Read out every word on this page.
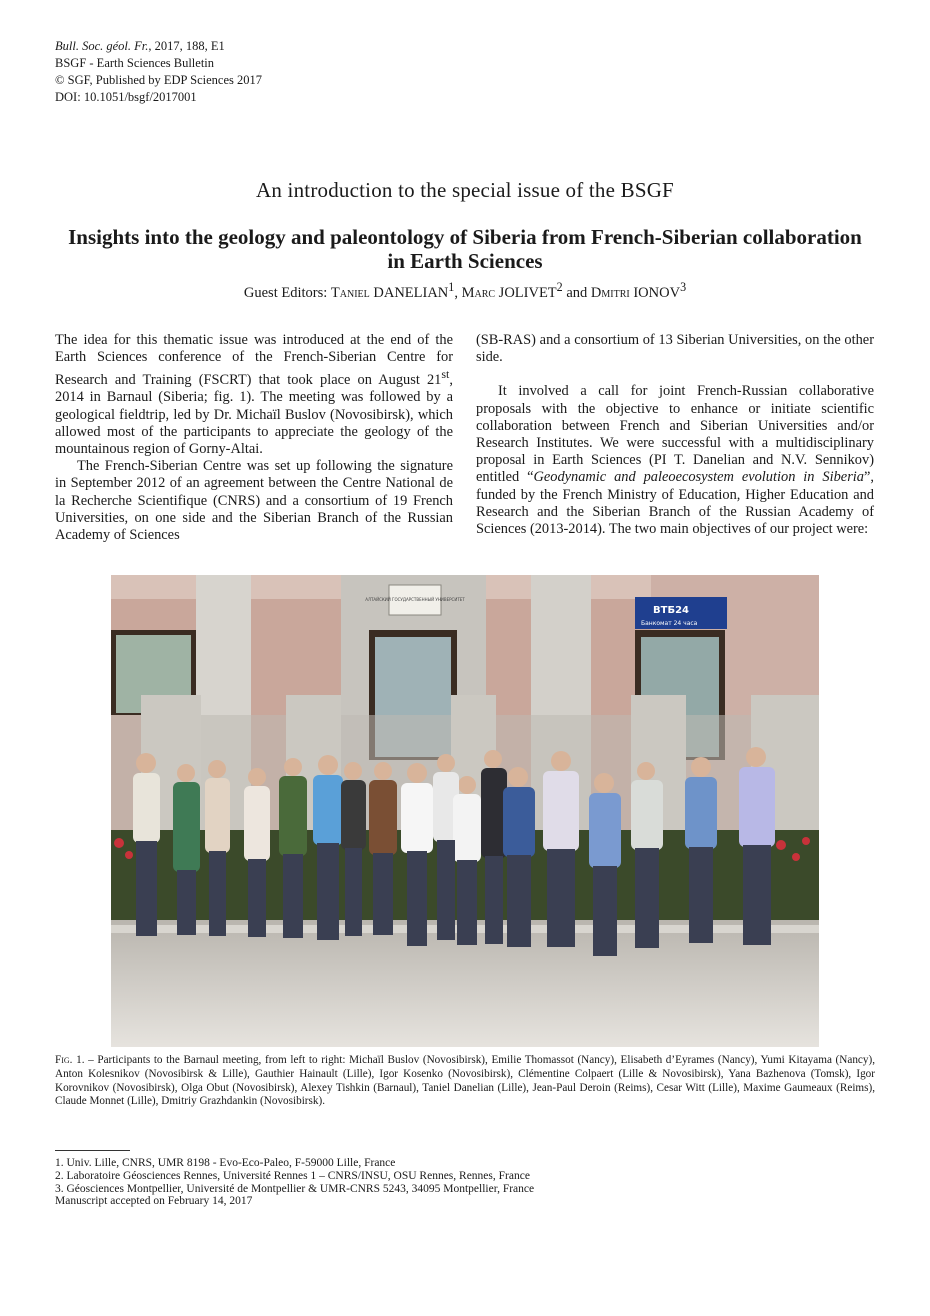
Bull. Soc. géol. Fr., 2017, 188, E1
BSGF - Earth Sciences Bulletin
© SGF, Published by EDP Sciences 2017
DOI: 10.1051/bsgf/2017001
An introduction to the special issue of the BSGF
Insights into the geology and paleontology of Siberia from French-Siberian collaboration in Earth Sciences
Guest Editors: Taniel DANELIAN$^1$, Marc JOLIVET$^2$ and Dmitri IONOV$^3$

The idea for this thematic issue was introduced at the end of the Earth Sciences conference of the French-Siberian Centre for Research and Training (FSCRT) that took place on August 21st, 2014 in Barnaul (Siberia; fig. 1). The meeting was followed by a geological fieldtrip, led by Dr. Michaïl Buslov (Novosibirsk), which allowed most of the participants to appreciate the geology of the mountainous region of Gorny-Altai.

The French-Siberian Centre was set up following the signature in September 2012 of an agreement between the Centre National de la Recherche Scientifique (CNRS) and a consortium of 19 French Universities, on one side and the Siberian Branch of the Russian Academy of Sciences

(SB-RAS) and a consortium of 13 Siberian Universities, on the other side.

It involved a call for joint French-Russian collaborative proposals with the objective to enhance or initiate scientific collaboration between French and Siberian Universities and/or Research Institutes. We were successful with a multidisciplinary proposal in Earth Sciences (PI T. Danelian and N.V. Sennikov) entitled “Geodynamic and paleoecosystem evolution in Siberia”, funded by the French Ministry of Education, Higher Education and Research and the Siberian Branch of the Russian Academy of Sciences (2013-2014). The two main objectives of our project were:

АЛТАЙСКИЙ ГОСУДАРСТВЕННЫЙ УНИВЕРСИТЕТ
ВТБ24
Банкомат 24 часа
Fig. 1. – Participants to the Barnaul meeting, from left to right: Michaïl Buslov (Novosibirsk), Emilie Thomassot (Nancy), Elisabeth d’Eyrames (Nancy), Yumi Kitayama (Nancy), Anton Kolesnikov (Novosibirsk & Lille), Gauthier Hainault (Lille), Igor Kosenko (Novosibirsk), Clémentine Colpaert (Lille & Novosibirsk), Yana Bazhenova (Tomsk), Igor Korovnikov (Novosibirsk), Olga Obut (Novosibirsk), Alexey Tishkin (Barnaul), Taniel Danelian (Lille), Jean-Paul Deroin (Reims), Cesar Witt (Lille), Maxime Gaumeaux (Reims), Claude Monnet (Lille), Dmitriy Grazhdankin (Novosibirsk).
1. Univ. Lille, CNRS, UMR 8198 - Evo-Eco-Paleo, F-59000 Lille, France
2. Laboratoire Géosciences Rennes, Université Rennes 1 – CNRS/INSU, OSU Rennes, Rennes, France
3. Géosciences Montpellier, Université de Montpellier & UMR-CNRS 5243, 34095 Montpellier, France
Manuscript accepted on February 14, 2017
